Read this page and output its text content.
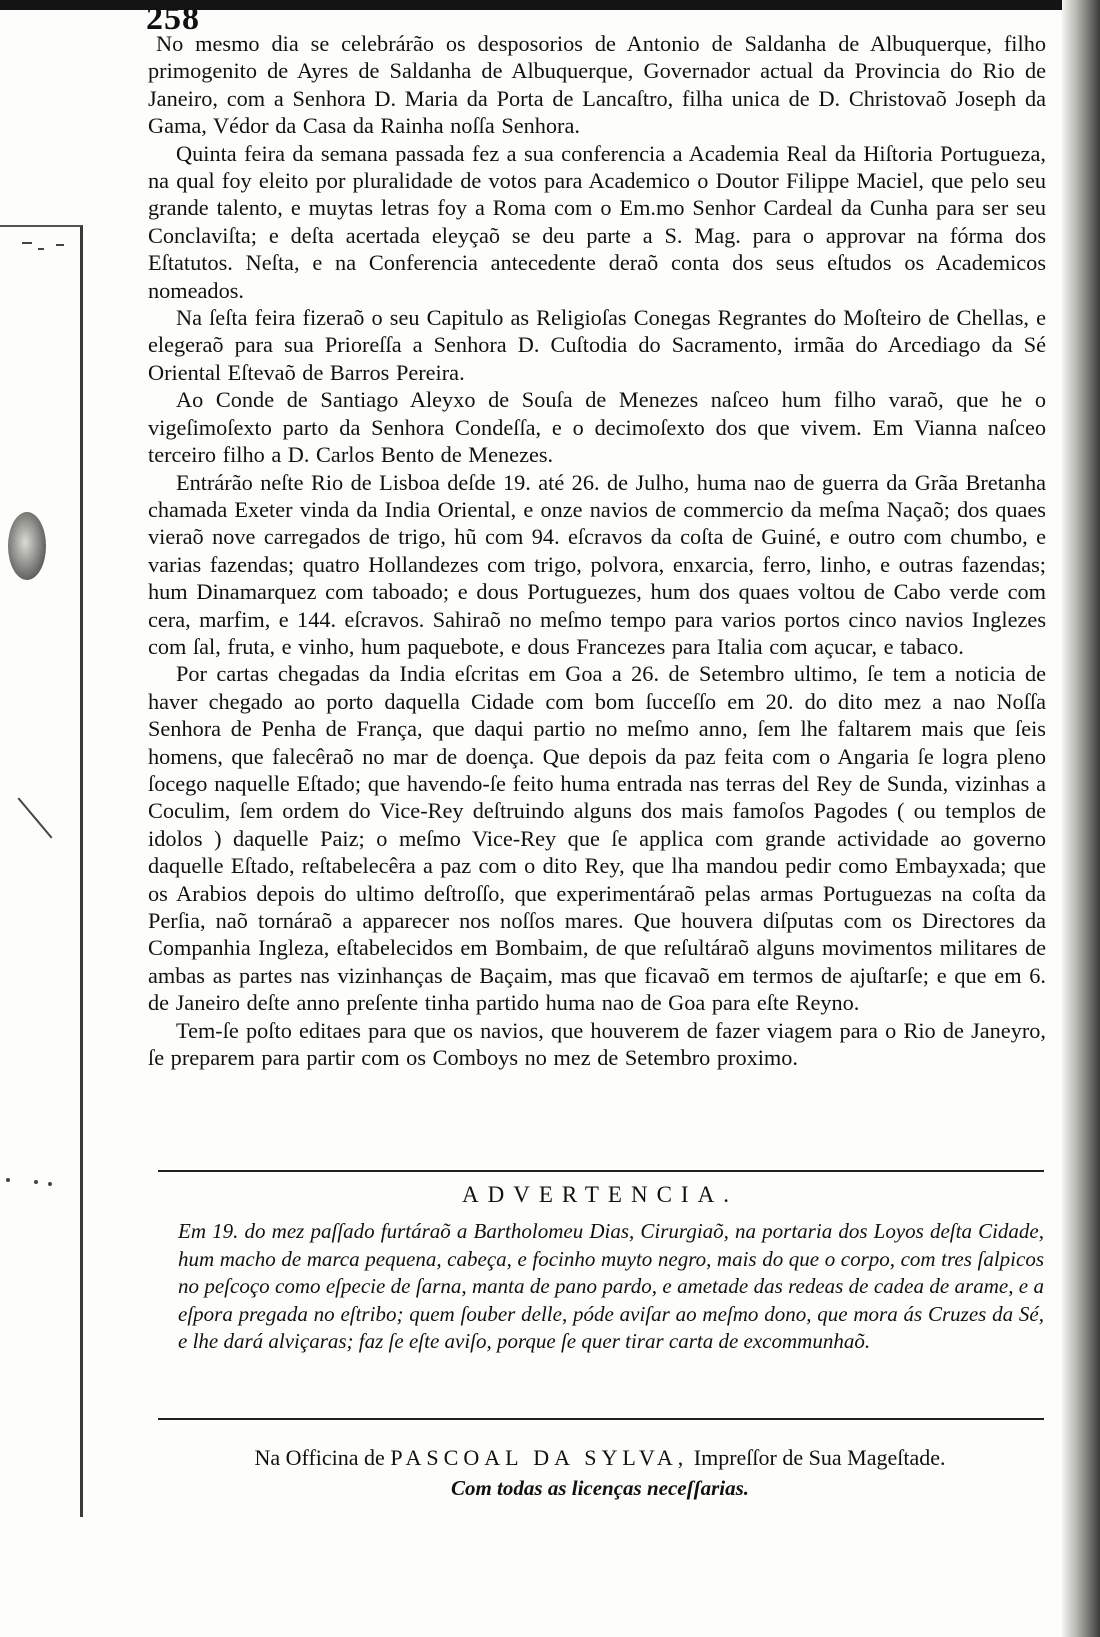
258

No mesmo dia se celebrárão os desposorios de Antonio de Saldanha de Albuquerque, filho primogenito de Ayres de Saldanha de Albuquerque, Governador actual da Provincia do Rio de Janeiro, com a Senhora D. Maria da Porta de Lancaſtro, filha unica de D. Christovaõ Joseph da Gama, Védor da Casa da Rainha noſſa Senhora.

Quinta feira da semana passada fez a sua conferencia a Academia Real da Hiſtoria Portugueza, na qual foy eleito por pluralidade de votos para Academico o Doutor Filippe Maciel, que pelo seu grande talento, e muytas letras foy a Roma com o Em.mo Senhor Cardeal da Cunha para ser seu Conclaviſta; e deſta acertada eleyçaõ se deu parte a S. Mag. para o approvar na fórma dos Eſtatutos. Neſta, e na Conferencia antecedente deraõ conta dos seus eſtudos os Academicos nomeados.

Na ſeſta feira fizeraõ o seu Capitulo as Religioſas Conegas Regrantes do Moſteiro de Chellas, e elegeraõ para sua Prioreſſa a Senhora D. Cuſtodia do Sacramento, irmãa do Arcediago da Sé Oriental Eſtevaõ de Barros Pereira.

Ao Conde de Santiago Aleyxo de Souſa de Menezes naſceo hum filho varaõ, que he o vigeſimoſexto parto da Senhora Condeſſa, e o decimoſexto dos que vivem. Em Vianna naſceo terceiro filho a D. Carlos Bento de Menezes.

Entrárão neſte Rio de Lisboa deſde 19. até 26. de Julho, huma nao de guerra da Grãa Bretanha chamada Exeter vinda da India Oriental, e onze navios de commercio da meſma Naçaõ; dos quaes vieraõ nove carregados de trigo, hũ com 94. eſcravos da coſta de Guiné, e outro com chumbo, e varias fazendas; quatro Hollandezes com trigo, polvora, enxarcia, ferro, linho, e outras fazendas; hum Dinamarquez com taboado; e dous Portuguezes, hum dos quaes voltou de Cabo verde com cera, marfim, e 144. eſcravos. Sahiraõ no meſmo tempo para varios portos cinco navios Inglezes com ſal, fruta, e vinho, hum paquebote, e dous Francezes para Italia com açucar, e tabaco.

Por cartas chegadas da India eſcritas em Goa a 26. de Setembro ultimo, ſe tem a noticia de haver chegado ao porto daquella Cidade com bom ſucceſſo em 20. do dito mez a nao Noſſa Senhora de Penha de França, que daqui partio no meſmo anno, ſem lhe faltarem mais que ſeis homens, que falecêraõ no mar de doença. Que depois da paz feita com o Angaria ſe logra pleno ſocego naquelle Eſtado; que havendo-ſe feito huma entrada nas terras del Rey de Sunda, vizinhas a Coculim, ſem ordem do Vice-Rey deſtruindo alguns dos mais famoſos Pagodes ( ou templos de idolos ) daquelle Paiz; o meſmo Vice-Rey que ſe applica com grande actividade ao governo daquelle Eſtado, reſtabelecêra a paz com o dito Rey, que lha mandou pedir como Embayxada; que os Arabios depois do ultimo deſtroſſo, que experimentáraõ pelas armas Portuguezas na coſta da Perſia, naõ tornáraõ a apparecer nos noſſos mares. Que houvera diſputas com os Directores da Companhia Ingleza, eſtabelecidos em Bombaim, de que reſultáraõ alguns movimentos militares de ambas as partes nas vizinhanças de Baçaim, mas que ficavaõ em termos de ajuſtarſe; e que em 6. de Janeiro deſte anno preſente tinha partido huma nao de Goa para eſte Reyno.

Tem-ſe poſto editaes para que os navios, que houverem de fazer viagem para o Rio de Janeyro, ſe preparem para partir com os Comboys no mez de Setembro proximo.

ADVERTENCIA.

Em 19. do mez paſſado furtáraõ a Bartholomeu Dias, Cirurgiaõ, na portaria dos Loyos deſta Cidade, hum macho de marca pequena, cabeça, e focinho muyto negro, mais do que o corpo, com tres ſalpicos no peſcoço como eſpecie de ſarna, manta de pano pardo, e ametade das redeas de cadea de arame, e a eſpora pregada no eſtribo; quem ſouber delle, póde aviſar ao meſmo dono, que mora ás Cruzes da Sé, e lhe dará alviçaras; faz ſe eſte aviſo, porque ſe quer tirar carta de excommunhaõ.

Na Officina de PASCOAL DA SYLVA, Impreſſor de Sua Mageſtade.
Com todas as licenças neceſſarias.
